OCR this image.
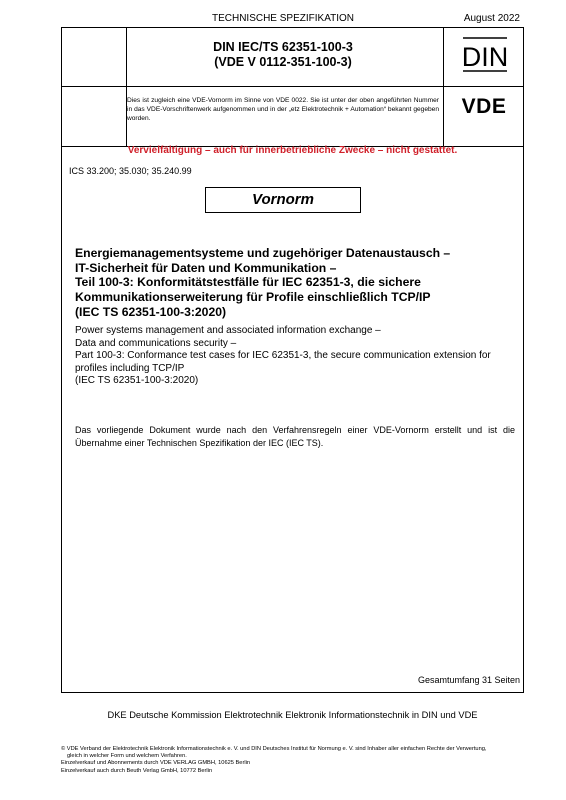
TECHNISCHE SPEZIFIKATION	August 2022
DIN IEC/TS 62351-100-3
(VDE V 0112-351-100-3)	DIN
Dies ist zugleich eine VDE-Vornorm im Sinne von VDE 0022. Sie ist unter der oben angeführten Nummer in das VDE-Vorschriftenwerk aufgenommen und in der „etz Elektrotechnik + Automation“ bekannt gegeben worden.
VDE
Vervielfältigung – auch für innerbetriebliche Zwecke – nicht gestattet.
ICS 33.200; 35.030; 35.240.99
Vornorm
Energiemanagementsysteme und zugehöriger Datenaustausch –
IT-Sicherheit für Daten und Kommunikation –
Teil 100-3: Konformitätstestfälle für IEC 62351-3, die sichere
Kommunikationserweiterung für Profile einschließlich TCP/IP
(IEC TS 62351-100-3:2020)
Power systems management and associated information exchange –
Data and communications security –
Part 100-3: Conformance test cases for IEC 62351-3, the secure communication extension for
profiles including TCP/IP
(IEC TS 62351-100-3:2020)
Das vorliegende Dokument wurde nach den Verfahrensregeln einer VDE-Vornorm erstellt und ist die Übernahme einer Technischen Spezifikation der IEC (IEC TS).
Gesamtumfang 31 Seiten
DKE Deutsche Kommission Elektrotechnik Elektronik Informationstechnik in DIN und VDE
© VDE Verband der Elektrotechnik Elektronik Informationstechnik e. V. und DIN Deutsches Institut für Normung e. V. sind Inhaber aller einfachen Rechte der Verwertung,
gleich in welcher Form und welchem Verfahren.
Einzelverkauf und Abonnements durch VDE VERLAG GMBH, 10625 Berlin
Einzelverkauf auch durch Beuth Verlag GmbH, 10772 Berlin
